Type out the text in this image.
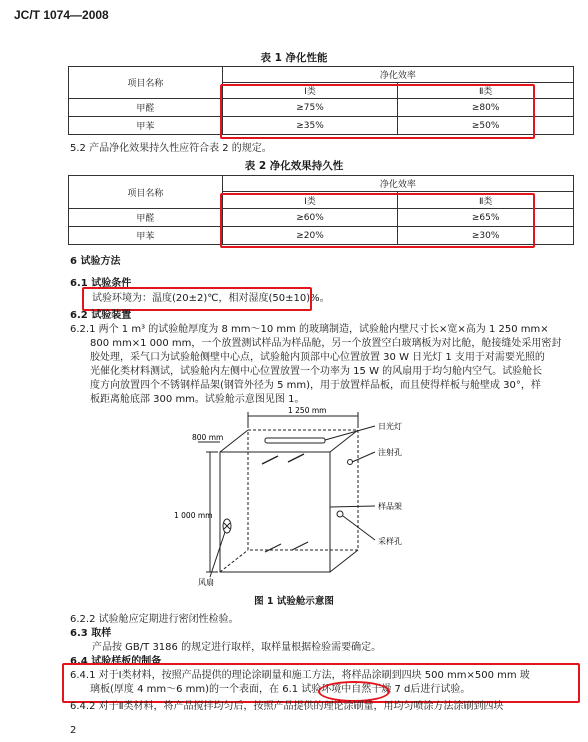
JC/T 1074—2008
表 1 净化性能
项目名称	净化效率	
	Ⅰ类	Ⅱ类
甲醛	≥75%	≥80%
甲苯	≥35%	≥50%
5.2 产品净化效果持久性应符合表 2 的规定。
表 2 净化效果持久性
项目名称	净化效率	
	Ⅰ类	Ⅱ类
甲醛	≥60%	≥65%
甲苯	≥20%	≥30%
6 试验方法
6.1 试验条件
试验环境为：温度(20±2)℃，相对湿度(50±10)%。
6.2 试验装置
6.2.1 两个 1 m³ 的试验舱厚度为 8 mm～10 mm 的玻璃制造，试验舱内壁尺寸长×宽×高为 1 250 mm×
800 mm×1 000 mm，一个放置测试样品为样品舱，另一个放置空白玻璃板为对比舱，舱接缝处采用密封
胶处理，采气口为试验舱侧壁中心点，试验舱内顶部中心位置放置 30 W 日光灯 1 支用于对需要光照的
光催化类材料测试，试验舱内左侧中心位置放置一个功率为 15 W 的风扇用于均匀舱内空气。试验舱长
度方向放置四个不锈钢样品架(钢管外径为 5 mm)，用于放置样品板，而且使得样板与舱壁成 30°，样
板距离舱底部 300 mm。试验舱示意图见图 1。
1 250 mm
800 mm
1 000 mm
日光灯
注射孔
样品架
采样孔
风扇
图 1 试验舱示意图
6.2.2 试验舱应定期进行密闭性检验。
6.3 取样
产品按 GB/T 3186 的规定进行取样，取样量根据检验需要确定。
6.4 试验样板的制备
6.4.1 对于Ⅰ类材料，按照产品提供的理论涂刷量和施工方法，将样品涂刷到四块 500 mm×500 mm 玻
璃板(厚度 4 mm～6 mm)的一个表面，在 6.1 试验环境中自然干燥 7 d后进行试验。
6.4.2 对于Ⅱ类材料，将产品搅拌均匀后，按照产品提供的理论涂刷量，用均匀喷涂方法涂刷到四块
2
